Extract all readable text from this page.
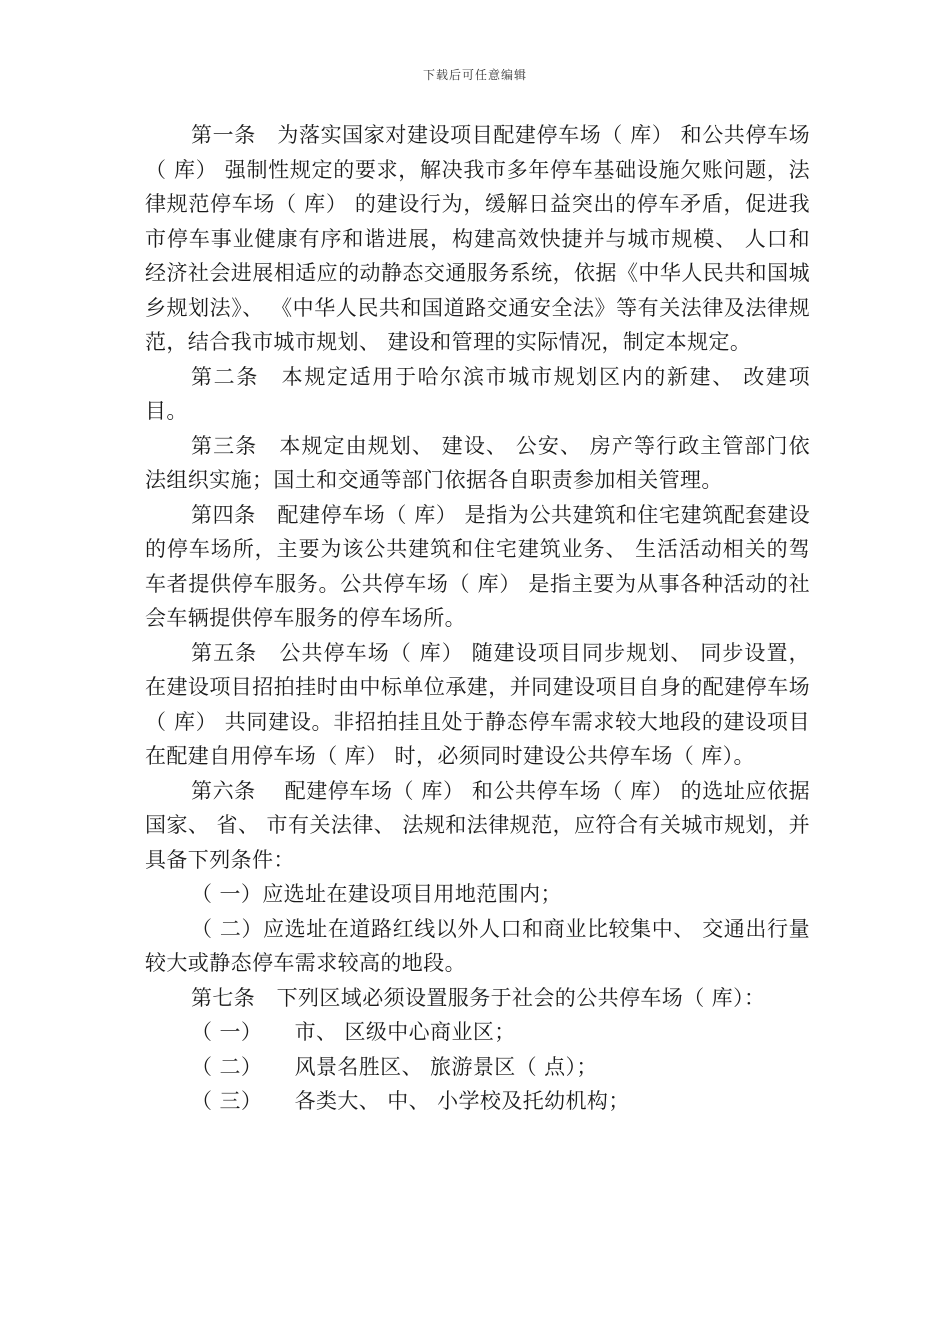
下载后可任意编辑

第一条　为落实国家对建设项目配建停车场（ 库） 和公共停车场（ 库） 强制性规定的要求，解决我市多年停车基础设施欠账问题，法律规范停车场（ 库） 的建设行为，缓解日益突出的停车矛盾，促进我市停车事业健康有序和谐进展，构建高效快捷并与城市规模、 人口和经济社会进展相适应的动静态交通服务系统，依据《中华人民共和国城乡规划法》、 《中华人民共和国道路交通安全法》等有关法律及法律规范，结合我市城市规划、 建设和管理的实际情况，制定本规定。

第二条　本规定适用于哈尔滨市城市规划区内的新建、 改建项目。

第三条　本规定由规划、 建设、 公安、 房产等行政主管部门依法组织实施；国土和交通等部门依据各自职责参加相关管理。

第四条　配建停车场（ 库） 是指为公共建筑和住宅建筑配套建设的停车场所，主要为该公共建筑和住宅建筑业务、 生活活动相关的驾车者提供停车服务。公共停车场（ 库） 是指主要为从事各种活动的社会车辆提供停车服务的停车场所。

第五条　公共停车场（ 库） 随建设项目同步规划、 同步设置，在建设项目招拍挂时由中标单位承建，并同建设项目自身的配建停车场（ 库） 共同建设。非招拍挂且处于静态停车需求较大地段的建设项目在配建自用停车场（ 库） 时，必须同时建设公共停车场（ 库）。

第六条　 配建停车场（ 库） 和公共停车场（ 库） 的选址应依据国家、 省、 市有关法律、 法规和法律规范，应符合有关城市规划，并具备下列条件：

（ 一）应选址在建设项目用地范围内；

（ 二）应选址在道路红线以外人口和商业比较集中、 交通出行量较大或静态停车需求较高的地段。

第七条　下列区域必须设置服务于社会的公共停车场（ 库）：

（ 一）　　市、 区级中心商业区；

（ 二）　　风景名胜区、 旅游景区（ 点）；

（ 三）　　各类大、 中、 小学校及托幼机构；
